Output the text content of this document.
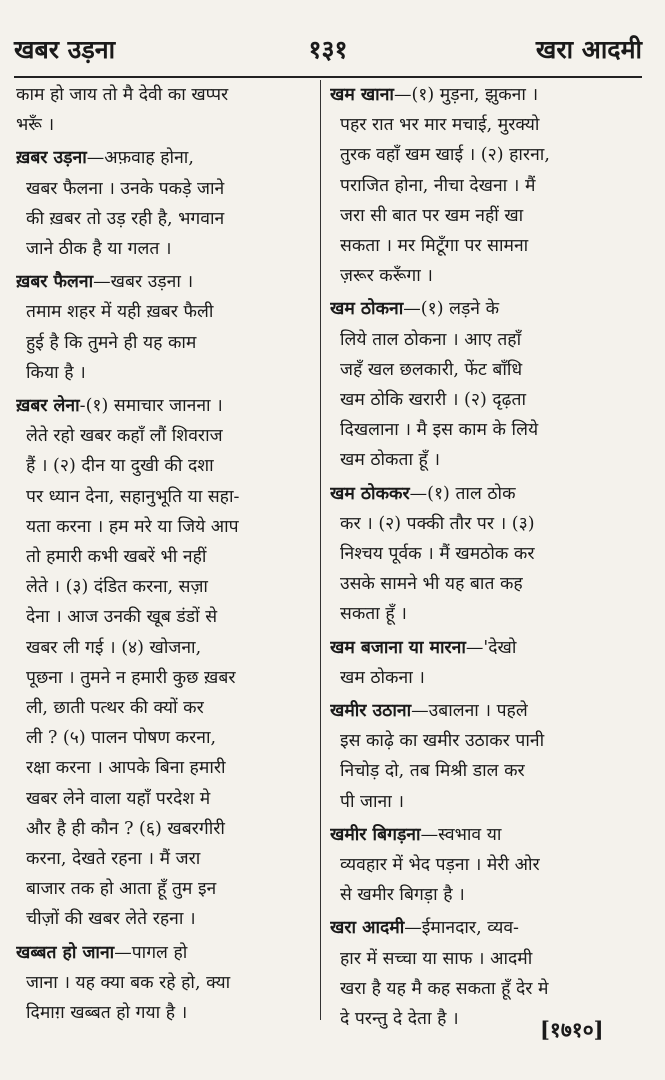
खबर उड़ना	१३१	खरा आदमी
काम हो जाय तो मै देवी का खप्पर
भरूँ ।
ख़बर उड़ना—अफ़वाह होना,
खबर फैलना । उनके पकड़े जाने
की ख़बर तो उड़ रही है, भगवान
जाने ठीक है या गलत ।
ख़बर फैलना—खबर उड़ना ।
तमाम शहर में यही ख़बर फैली
हुई है कि तुमने ही यह काम
किया है ।
ख़बर लेना-(१) समाचार जानना ।
लेते रहो खबर कहाँ लौं शिवराज
हैं । (२) दीन या दुखी की दशा
पर ध्यान देना, सहानुभूति या सहा-
यता करना । हम मरे या जिये आप
तो हमारी कभी खबरें भी नहीं
लेते । (३) दंडित करना, सज़ा
देना । आज उनकी खूब डंडों से
खबर ली गई । (४) खोजना,
पूछना । तुमने न हमारी कुछ ख़बर
ली, छाती पत्थर की क्यों कर
ली ? (५) पालन पोषण करना,
रक्षा करना । आपके बिना हमारी
खबर लेने वाला यहाँ परदेश मे
और है ही कौन ? (६) खबरगीरी
करना, देखते रहना । मैं जरा
बाजार तक हो आता हूँ तुम इन
चीज़ों की खबर लेते रहना ।
खब्बत हो जाना—पागल हो
जाना । यह क्या बक रहे हो, क्या
दिमाग़ खब्बत हो गया है ।
खम खाना—(१) मुड़ना, झुकना ।
पहर रात भर मार मचाई, मुरक्यो
तुरक वहाँ खम खाई । (२) हारना,
पराजित होना, नीचा देखना । मैं
जरा सी बात पर खम नहीं खा
सकता । मर मिटूँगा पर सामना
ज़रूर करूँगा ।
खम ठोकना—(१) लड़ने के
लिये ताल ठोकना । आए तहाँ
जहँ खल छलकारी, फेंट बाँधि
खम ठोकि खरारी । (२) दृढ़ता
दिखलाना । मै इस काम के लिये
खम ठोकता हूँ ।
खम ठोककर—(१) ताल ठोक
कर । (२) पक्की तौर पर । (३)
निश्चय पूर्वक । मैं खमठोक कर
उसके सामने भी यह बात कह
सकता हूँ ।
खम बजाना या मारना—'देखो
खम ठोकना ।
खमीर उठाना—उबालना । पहले
इस काढ़े का खमीर उठाकर पानी
निचोड़ दो, तब मिश्री डाल कर
पी जाना ।
खमीर बिगड़ना—स्वभाव या
व्यवहार में भेद पड़ना । मेरी ओर
से खमीर बिगड़ा है ।
खरा आदमी—ईमानदार, व्यव-
हार में सच्चा या साफ । आदमी
खरा है यह मै कह सकता हूँ देर मे
दे परन्तु दे देता है ।	[१७१०]
